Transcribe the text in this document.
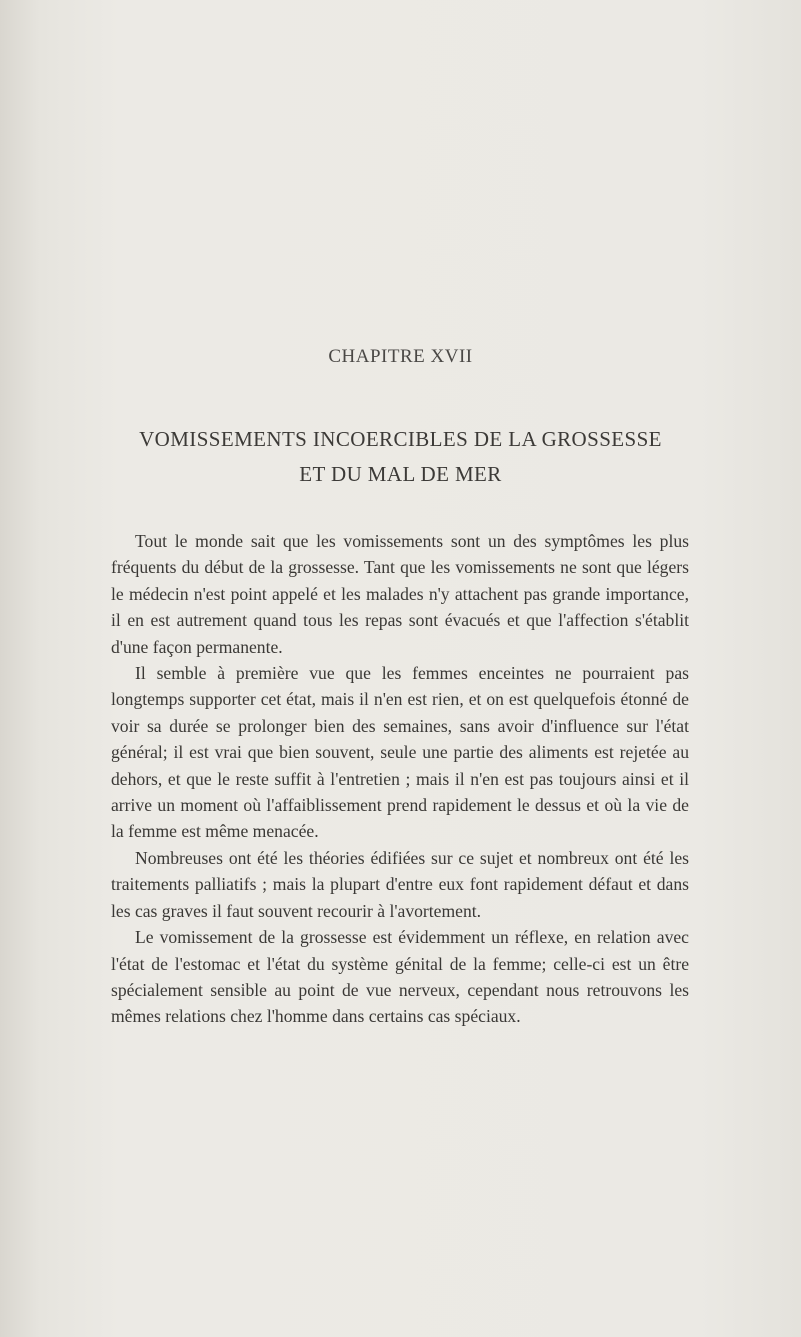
CHAPITRE XVII
VOMISSEMENTS INCOERCIBLES DE LA GROSSESSE
ET DU MAL DE MER

Tout le monde sait que les vomissements sont un des symptômes les plus fréquents du début de la grossesse. Tant que les vomissements ne sont que légers le médecin n'est point appelé et les malades n'y attachent pas grande importance, il en est autrement quand tous les repas sont évacués et que l'affection s'établit d'une façon permanente.

Il semble à première vue que les femmes enceintes ne pourraient pas longtemps supporter cet état, mais il n'en est rien, et on est quelquefois étonné de voir sa durée se prolonger bien des semaines, sans avoir d'influence sur l'état général; il est vrai que bien souvent, seule une partie des aliments est rejetée au dehors, et que le reste suffit à l'entretien ; mais il n'en est pas toujours ainsi et il arrive un moment où l'affaiblissement prend rapidement le dessus et où la vie de la femme est même menacée.

Nombreuses ont été les théories édifiées sur ce sujet et nombreux ont été les traitements palliatifs ; mais la plupart d'entre eux font rapidement défaut et dans les cas graves il faut souvent recourir à l'avortement.

Le vomissement de la grossesse est évidemment un réflexe, en relation avec l'état de l'estomac et l'état du système génital de la femme; celle-ci est un être spécialement sensible au point de vue nerveux, cependant nous retrouvons les mêmes relations chez l'homme dans certains cas spéciaux.
